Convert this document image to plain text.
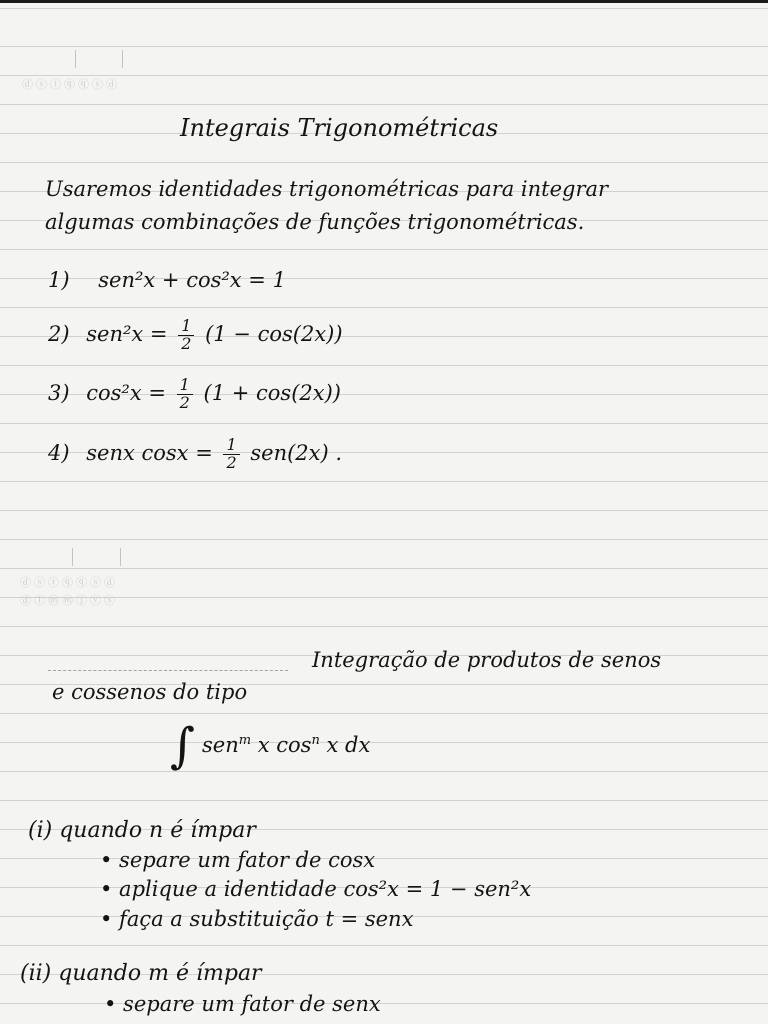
ⓓⓢⓣⓠⓠⓢⓓ
Integrais Trigonométricas
Usaremos identidades trigonométricas para integrar
algumas combinações de funções trigonométricas.
1) sen²x + cos²x = 1
2) $sen^2x = \frac{1}{2} (1 - \cos(2x))$
3) $\cos^2x = \frac{1}{2} (1 + \cos(2x))$
4) senx $\cos x = \frac{1}{2} sen(2x)$ .
ⓓⓢⓣⓠⓠⓢⓓ
ⓓⓛⓜⓜⓙⓥⓢ
Integração de produtos de senos
e cossenos do tipo
∫ sen$^m$ x $\cos^n x$ dx
(i) quando n é ímpar
• separe um fator de cosx
• aplique a identidade cos²x = 1 − sen²x
• faça a substituição t = senx
(ii) quando m é ímpar
• separe um fator de senx
